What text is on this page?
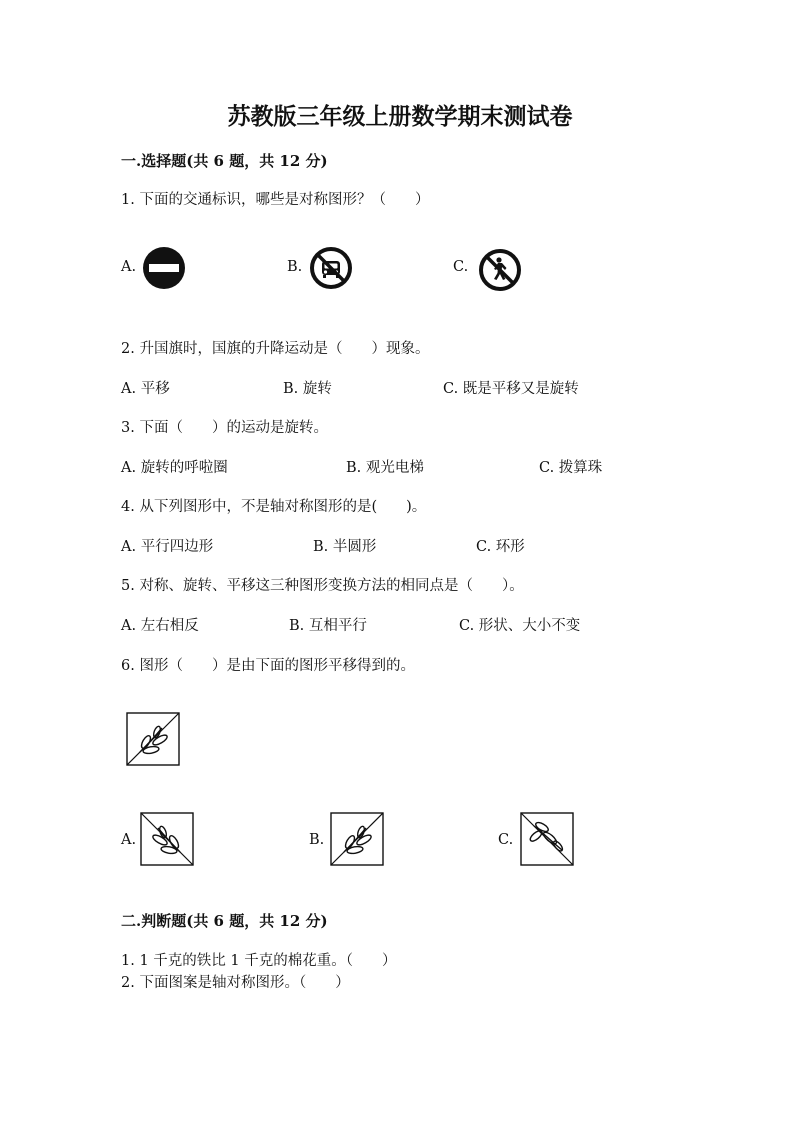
苏教版三年级上册数学期末测试卷
一.选择题(共 6 题，共 12 分)
1. 下面的交通标识，哪些是对称图形？（　　）
A.	B.	C.
2. 升国旗时，国旗的升降运动是（　　）现象。
A. 平移	B. 旋转	C. 既是平移又是旋转
3. 下面（　　）的运动是旋转。
A. 旋转的呼啦圈	B. 观光电梯	C. 拨算珠
4. 从下列图形中，不是轴对称图形的是(　　)。
A. 平行四边形	B. 半圆形	C. 环形
5. 对称、旋转、平移这三种图形变换方法的相同点是（　　）。
A. 左右相反	B. 互相平行	C. 形状、大小不变
6. 图形（　　）是由下面的图形平移得到的。
A.	B.	C.
二.判断题(共 6 题，共 12 分)
1. 1 千克的铁比 1 千克的棉花重。（　　）
2. 下面图案是轴对称图形。（　　）
